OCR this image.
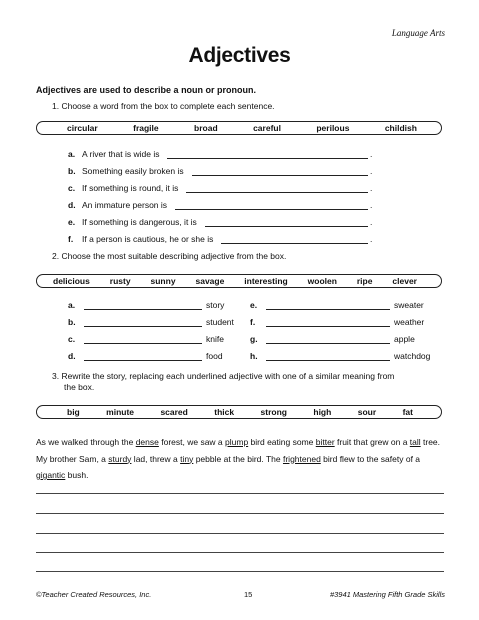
Language Arts
Adjectives
Adjectives are used to describe a noun or pronoun.
1. Choose a word from the box to complete each sentence.
circular	fragile	broad	careful	perilous	childish
a. A river that is wide is	.
b. Something easily broken is	.
c. If something is round, it is	.
d. An immature person is	.
e. If something is dangerous, it is	.
f.	If a person is cautious, he or she is	.
2. Choose the most suitable describing adjective from the box.
delicious rusty sunny savage interesting woolen ripe clever
a.	story
b.	student
c.	knife
d.	food
e.	sweater
f.	weather
g.	apple
h.	watchdog
3. Rewrite the story, replacing each underlined adjective with one of a similar meaning from
the box.
big	minute	scared	thick	strong	high	sour	fat
As we walked through the dense forest, we saw a plump bird eating some bitter fruit that grew on a tall tree. My brother Sam, a sturdy lad, threw a tiny pebble at the bird. The frightened bird flew to the safety of a gigantic bush.
©Teacher Created Resources, Inc.	15	#3941 Mastering Fifth Grade Skills
